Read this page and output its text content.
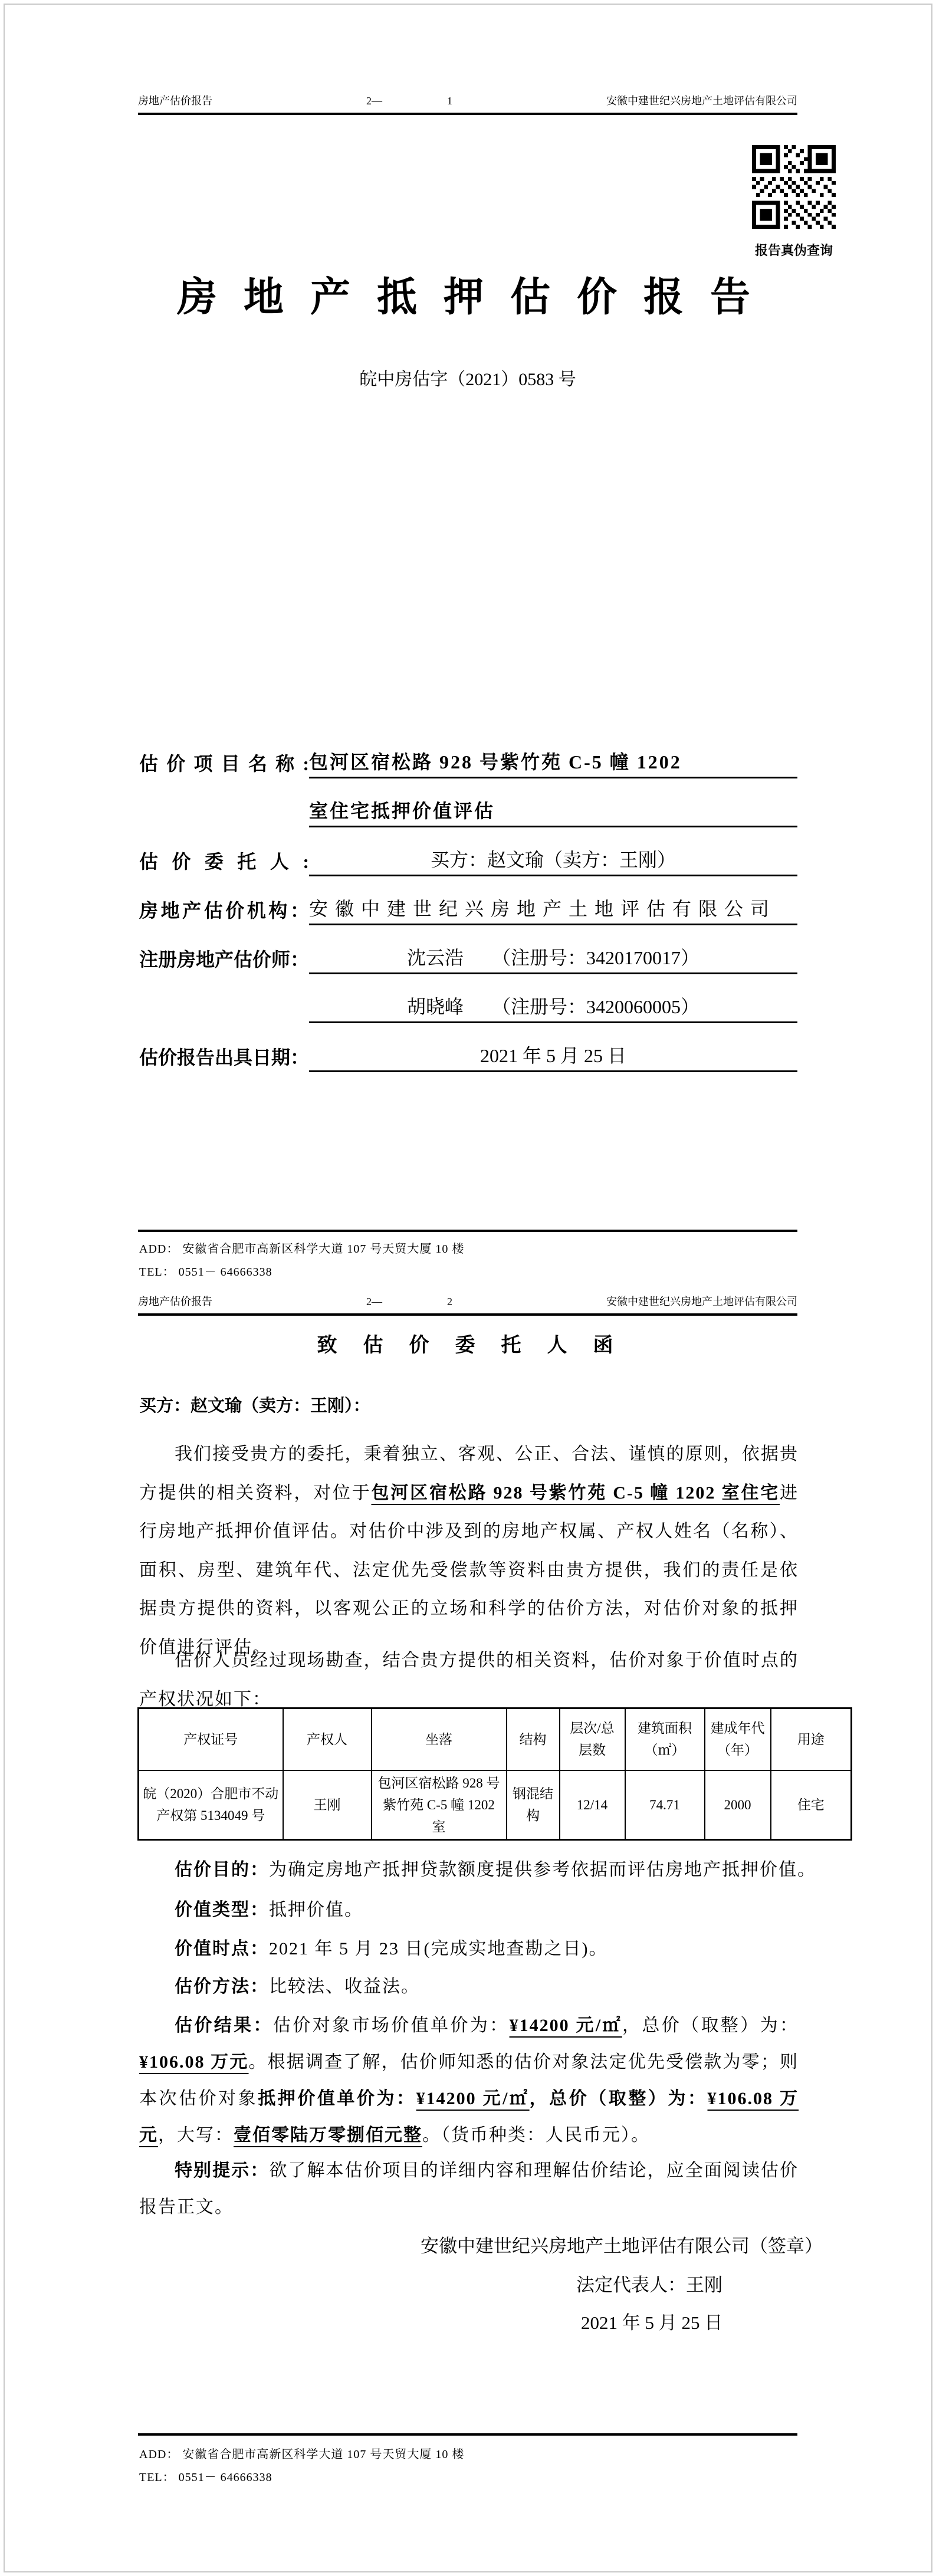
房地产估价报告	2—	1	安徽中建世纪兴房地产土地评估有限公司
报告真伪查询
房 地 产 抵 押 估 价 报 告
皖中房估字（2021）0583 号
估 价 项 目 名 称 : 包河区宿松路 928 号紫竹苑 C-5 幢 1202
室住宅抵押价值评估
估 价 委 托 人 :	买方：赵文瑜（卖方：王刚）
房地产估价机构： 安徽中建世纪兴房地产土地评估有限公司
注册房地产估价师：	沈云浩　　（注册号：3420170017）
胡晓峰　　（注册号：3420060005）
估价报告出具日期：	2021 年 5 月 25 日
ADD： 安徽省合肥市高新区科学大道 107 号天贸大厦 10 楼
TEL： 0551－ 64666338
房地产估价报告	2—	2	安徽中建世纪兴房地产土地评估有限公司
致  估  价  委  托  人  函
买方：赵文瑜（卖方：王刚）：
我们接受贵方的委托，秉着独立、客观、公正、合法、谨慎的原则，依据贵方提供的相关资料，对位于包河区宿松路 928 号紫竹苑 C-5 幢 1202 室住宅进行房地产抵押价值评估。对估价中涉及到的房地产权属、产权人姓名（名称）、面积、房型、建筑年代、法定优先受偿款等资料由贵方提供，我们的责任是依据贵方提供的资料，以客观公正的立场和科学的估价方法，对估价对象的抵押价值进行评估。
估价人员经过现场勘查，结合贵方提供的相关资料，估价对象于价值时点的产权状况如下：
产权证号	产权人	坐落	结构	层次/总层数	建筑面积（㎡）	建成年代（年）	用途
皖（2020）合肥市不动产权第 5134049 号	王刚	包河区宿松路 928 号紫竹苑 C-5 幢 1202 室	钢混结构	12/14	74.71	2000	住宅
估价目的：为确定房地产抵押贷款额度提供参考依据而评估房地产抵押价值。
价值类型：抵押价值。
价值时点：2021 年 5 月 23 日(完成实地查勘之日)。
估价方法：比较法、收益法。
估价结果：估价对象市场价值单价为：¥14200 元/㎡，总价（取整）为：¥106.08 万元。根据调查了解，估价师知悉的估价对象法定优先受偿款为零；则本次估价对象抵押价值单价为：¥14200 元/㎡，总价（取整）为：¥106.08 万元，大写：壹佰零陆万零捌佰元整。（货币种类：人民币元）。
特别提示：欲了解本估价项目的详细内容和理解估价结论，应全面阅读估价报告正文。
安徽中建世纪兴房地产土地评估有限公司（签章）
法定代表人：王刚
2021 年 5 月 25 日
ADD： 安徽省合肥市高新区科学大道 107 号天贸大厦 10 楼
TEL： 0551－ 64666338
